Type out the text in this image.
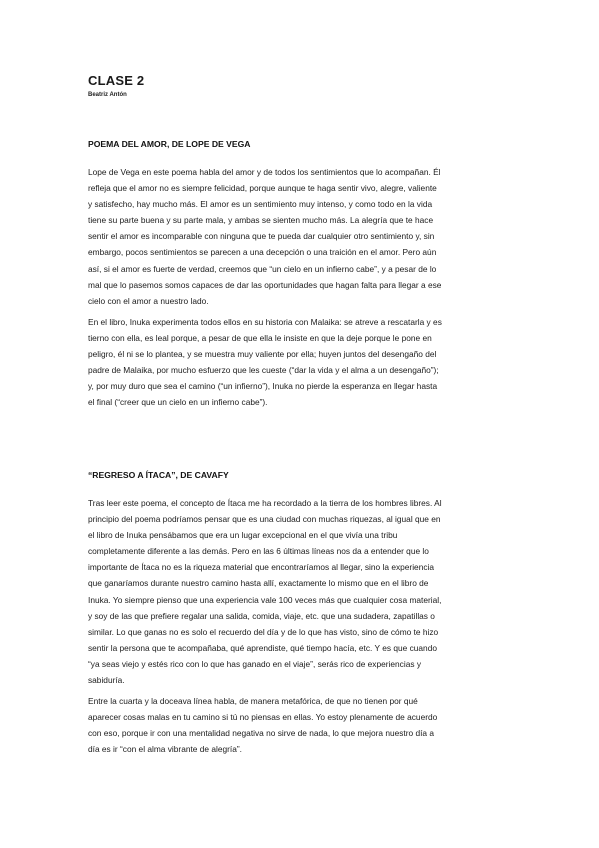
CLASE 2
Beatriz Antón
POEMA DEL AMOR, DE LOPE DE VEGA

Lope de Vega en este poema habla del amor y de todos los sentimientos que lo acompañan. Él
refleja que el amor no es siempre felicidad, porque aunque te haga sentir vivo, alegre, valiente
y satisfecho, hay mucho más. El amor es un sentimiento muy intenso, y como todo en la vida
tiene su parte buena y su parte mala, y ambas se sienten mucho más. La alegría que te hace
sentir el amor es incomparable con ninguna que te pueda dar cualquier otro sentimiento y, sin
embargo, pocos sentimientos se parecen a una decepción o una traición en el amor. Pero aún
así, si el amor es fuerte de verdad, creemos que “un cielo en un infierno cabe”, y a pesar de lo
mal que lo pasemos somos capaces de dar las oportunidades que hagan falta para llegar a ese
cielo con el amor a nuestro lado.

En el libro, Inuka experimenta todos ellos en su historia con Malaika: se atreve a rescatarla y es
tierno con ella, es leal porque, a pesar de que ella le insiste en que la deje porque le pone en
peligro, él ni se lo plantea, y se muestra muy valiente por ella; huyen juntos del desengaño del
padre de Malaika, por mucho esfuerzo que les cueste (“dar la vida y el alma a un desengaño”);
y, por muy duro que sea el camino (“un infierno”), Inuka no pierde la esperanza en llegar hasta
el final (“creer que un cielo en un infierno cabe”).

“REGRESO A ÍTACA”, DE CAVAFY

Tras leer este poema, el concepto de Ítaca me ha recordado a la tierra de los hombres libres. Al
principio del poema podríamos pensar que es una ciudad con muchas riquezas, al igual que en
el libro de Inuka pensábamos que era un lugar excepcional en el que vivía una tribu
completamente diferente a las demás. Pero en las 6 últimas líneas nos da a entender que lo
importante de Ítaca no es la riqueza material que encontraríamos al llegar, sino la experiencia
que ganaríamos durante nuestro camino hasta allí, exactamente lo mismo que en el libro de
Inuka. Yo siempre pienso que una experiencia vale 100 veces más que cualquier cosa material,
y soy de las que prefiere regalar una salida, comida, viaje, etc. que una sudadera, zapatillas o
similar. Lo que ganas no es solo el recuerdo del día y de lo que has visto, sino de cómo te hizo
sentir la persona que te acompañaba, qué aprendiste, qué tiempo hacía, etc. Y es que cuando
“ya seas viejo y estés rico con lo que has ganado en el viaje”, serás rico de experiencias y
sabiduría.

Entre la cuarta y la doceava línea habla, de manera metafórica, de que no tienen por qué
aparecer cosas malas en tu camino si tú no piensas en ellas. Yo estoy plenamente de acuerdo
con eso, porque ir con una mentalidad negativa no sirve de nada, lo que mejora nuestro día a
día es ir “con el alma vibrante de alegría”.
